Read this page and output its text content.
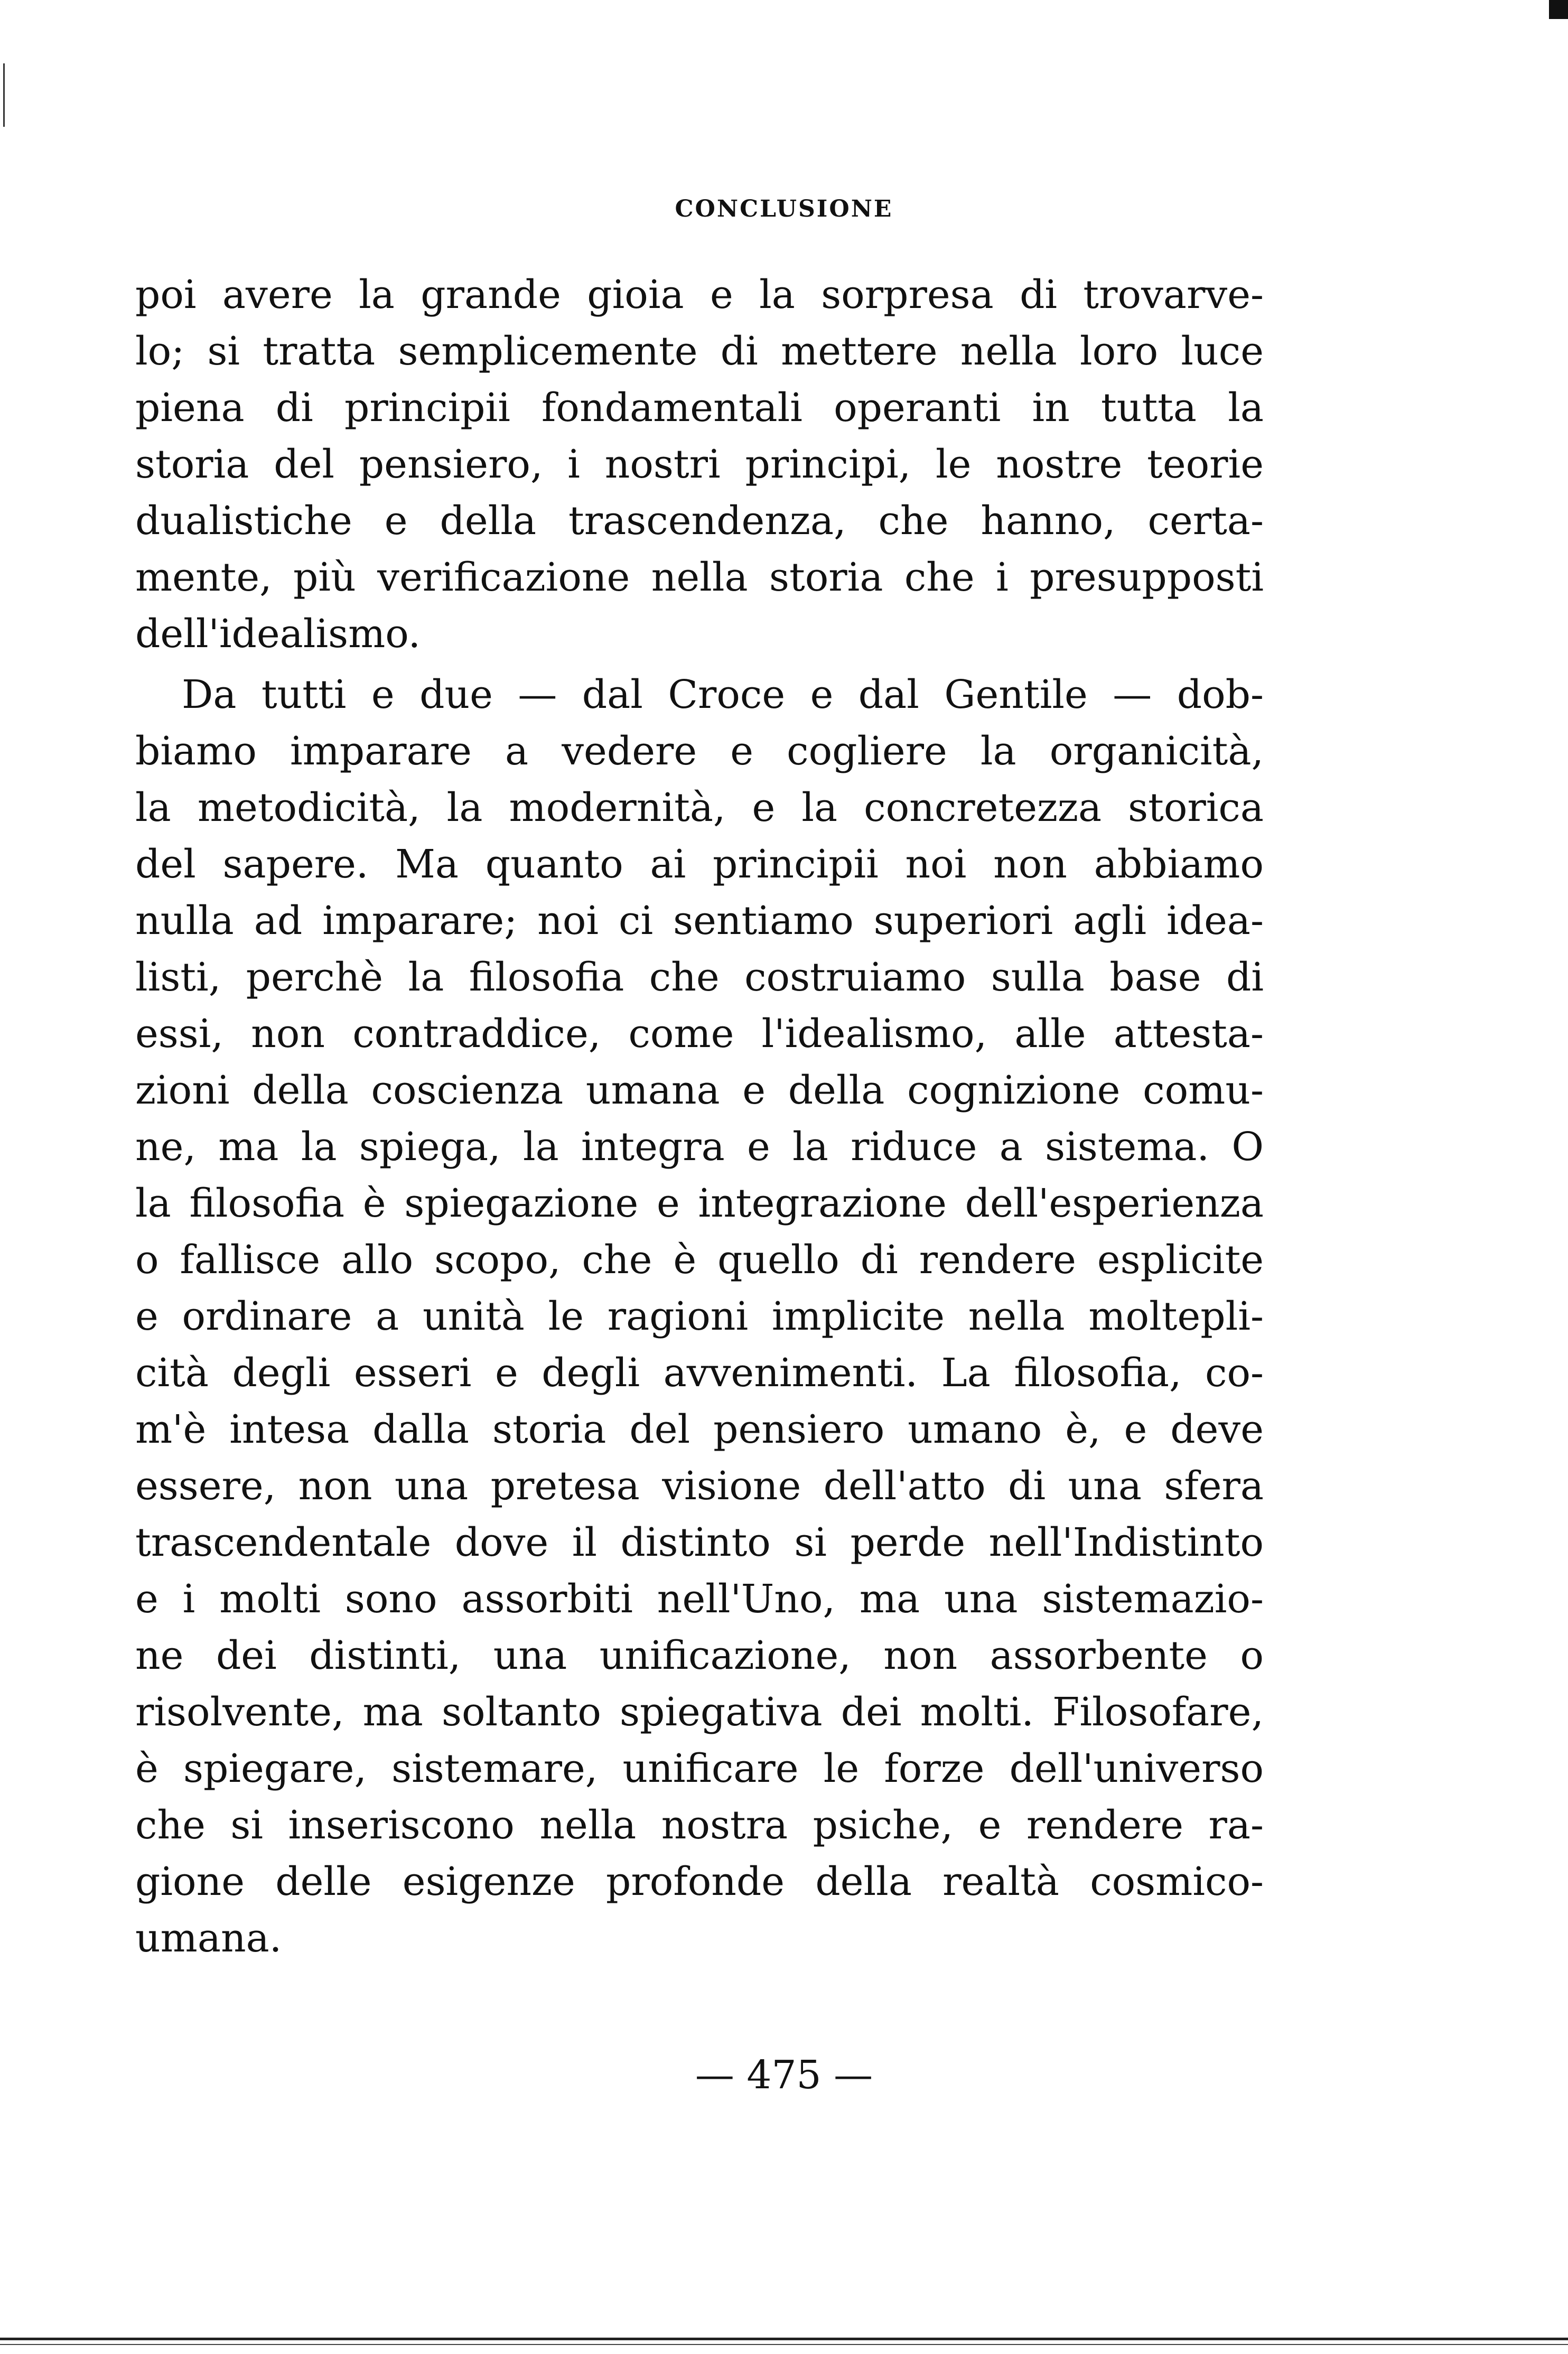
CONCLUSIONE
poi avere la grande gioia e la sorpresa di trovarve-
lo; si tratta semplicemente di mettere nella loro luce
piena di principii fondamentali operanti in tutta la
storia del pensiero, i nostri principi, le nostre teorie
dualistiche e della trascendenza, che hanno, certa-
mente, più verificazione nella storia che i presupposti
dell'idealismo.
Da tutti e due — dal Croce e dal Gentile — dob-
biamo imparare a vedere e cogliere la organicità,
la metodicità, la modernità, e la concretezza storica
del sapere. Ma quanto ai principii noi non abbiamo
nulla ad imparare; noi ci sentiamo superiori agli idea-
listi, perchè la filosofia che costruiamo sulla base di
essi, non contraddice, come l'idealismo, alle attesta-
zioni della coscienza umana e della cognizione comu-
ne, ma la spiega, la integra e la riduce a sistema. O
la filosofia è spiegazione e integrazione dell'esperienza
o fallisce allo scopo, che è quello di rendere esplicite
e ordinare a unità le ragioni implicite nella moltepli-
cità degli esseri e degli avvenimenti. La filosofia, co-
m'è intesa dalla storia del pensiero umano è, e deve
essere, non una pretesa visione dell'atto di una sfera
trascendentale dove il distinto si perde nell'Indistinto
e i molti sono assorbiti nell'Uno, ma una sistemazio-
ne dei distinti, una unificazione, non assorbente o
risolvente, ma soltanto spiegativa dei molti. Filosofare,
è spiegare, sistemare, unificare le forze dell'universo
che si inseriscono nella nostra psiche, e rendere ra-
gione delle esigenze profonde della realtà cosmico-
umana.
— 475 —
